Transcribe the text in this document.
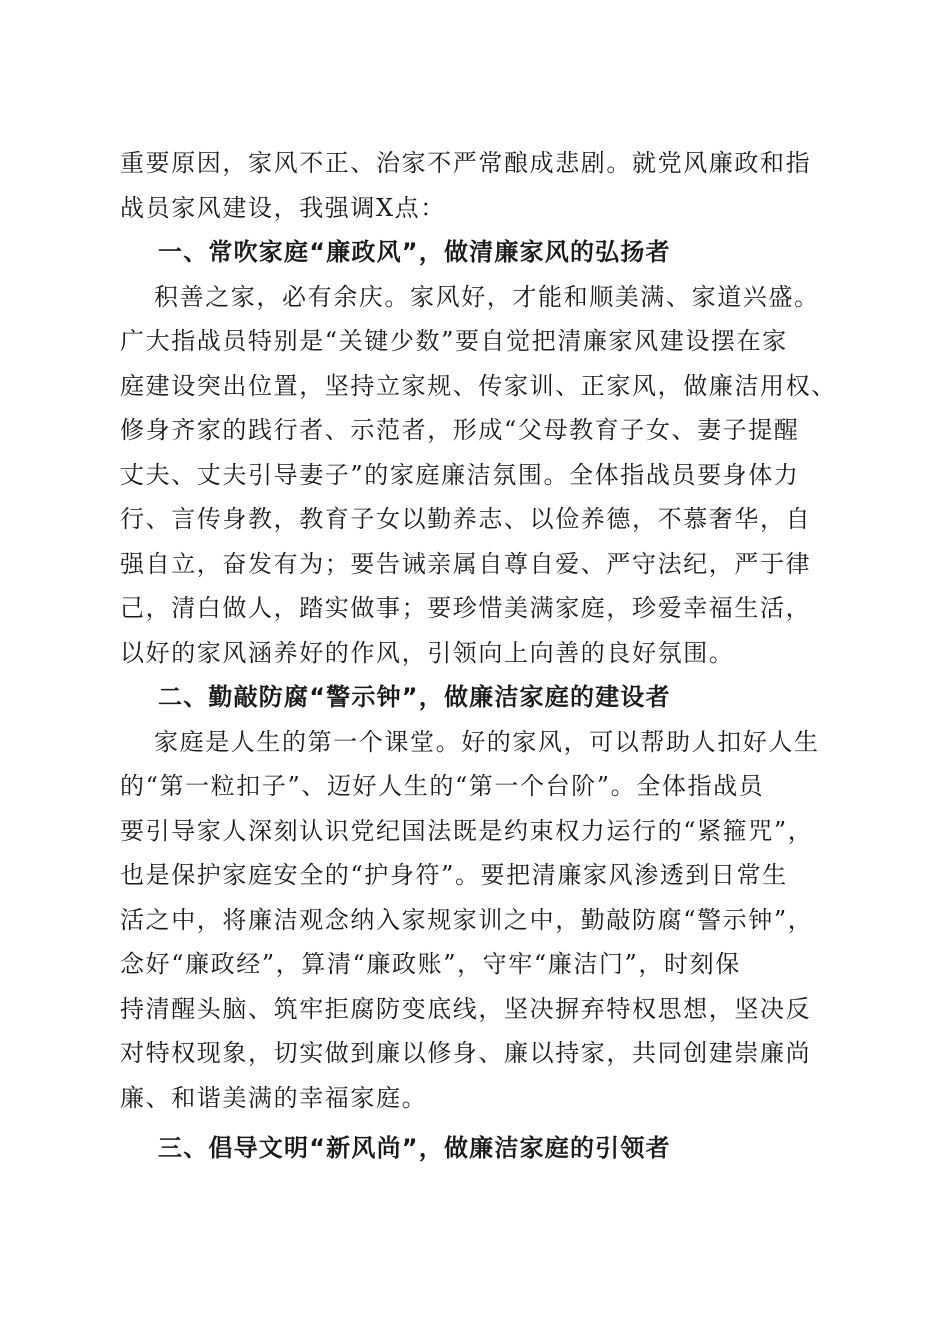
重要原因，家风不正、治家不严常酿成悲剧。就党风廉政和指
战员家风建设，我强调X点：
一、常吹家庭“廉政风”，做清廉家风的弘扬者
积善之家，必有余庆。家风好，才能和顺美满、家道兴盛。
广大指战员特别是“关键少数”要自觉把清廉家风建设摆在家
庭建设突出位置，坚持立家规、传家训、正家风，做廉洁用权、
修身齐家的践行者、示范者，形成“父母教育子女、妻子提醒
丈夫、丈夫引导妻子”的家庭廉洁氛围。全体指战员要身体力
行、言传身教，教育子女以勤养志、以俭养德，不慕奢华，自
强自立，奋发有为；要告诫亲属自尊自爱、严守法纪，严于律
己，清白做人，踏实做事；要珍惜美满家庭，珍爱幸福生活，
以好的家风涵养好的作风，引领向上向善的良好氛围。
二、勤敲防腐“警示钟”，做廉洁家庭的建设者
家庭是人生的第一个课堂。好的家风，可以帮助人扣好人生
的“第一粒扣子”、迈好人生的“第一个台阶”。全体指战员
要引导家人深刻认识党纪国法既是约束权力运行的“紧箍咒”，
也是保护家庭安全的“护身符”。要把清廉家风渗透到日常生
活之中，将廉洁观念纳入家规家训之中，勤敲防腐“警示钟”，
念好“廉政经”，算清“廉政账”，守牢“廉洁门”，时刻保
持清醒头脑、筑牢拒腐防变底线，坚决摒弃特权思想，坚决反
对特权现象，切实做到廉以修身、廉以持家，共同创建崇廉尚
廉、和谐美满的幸福家庭。
三、倡导文明“新风尚”，做廉洁家庭的引领者
